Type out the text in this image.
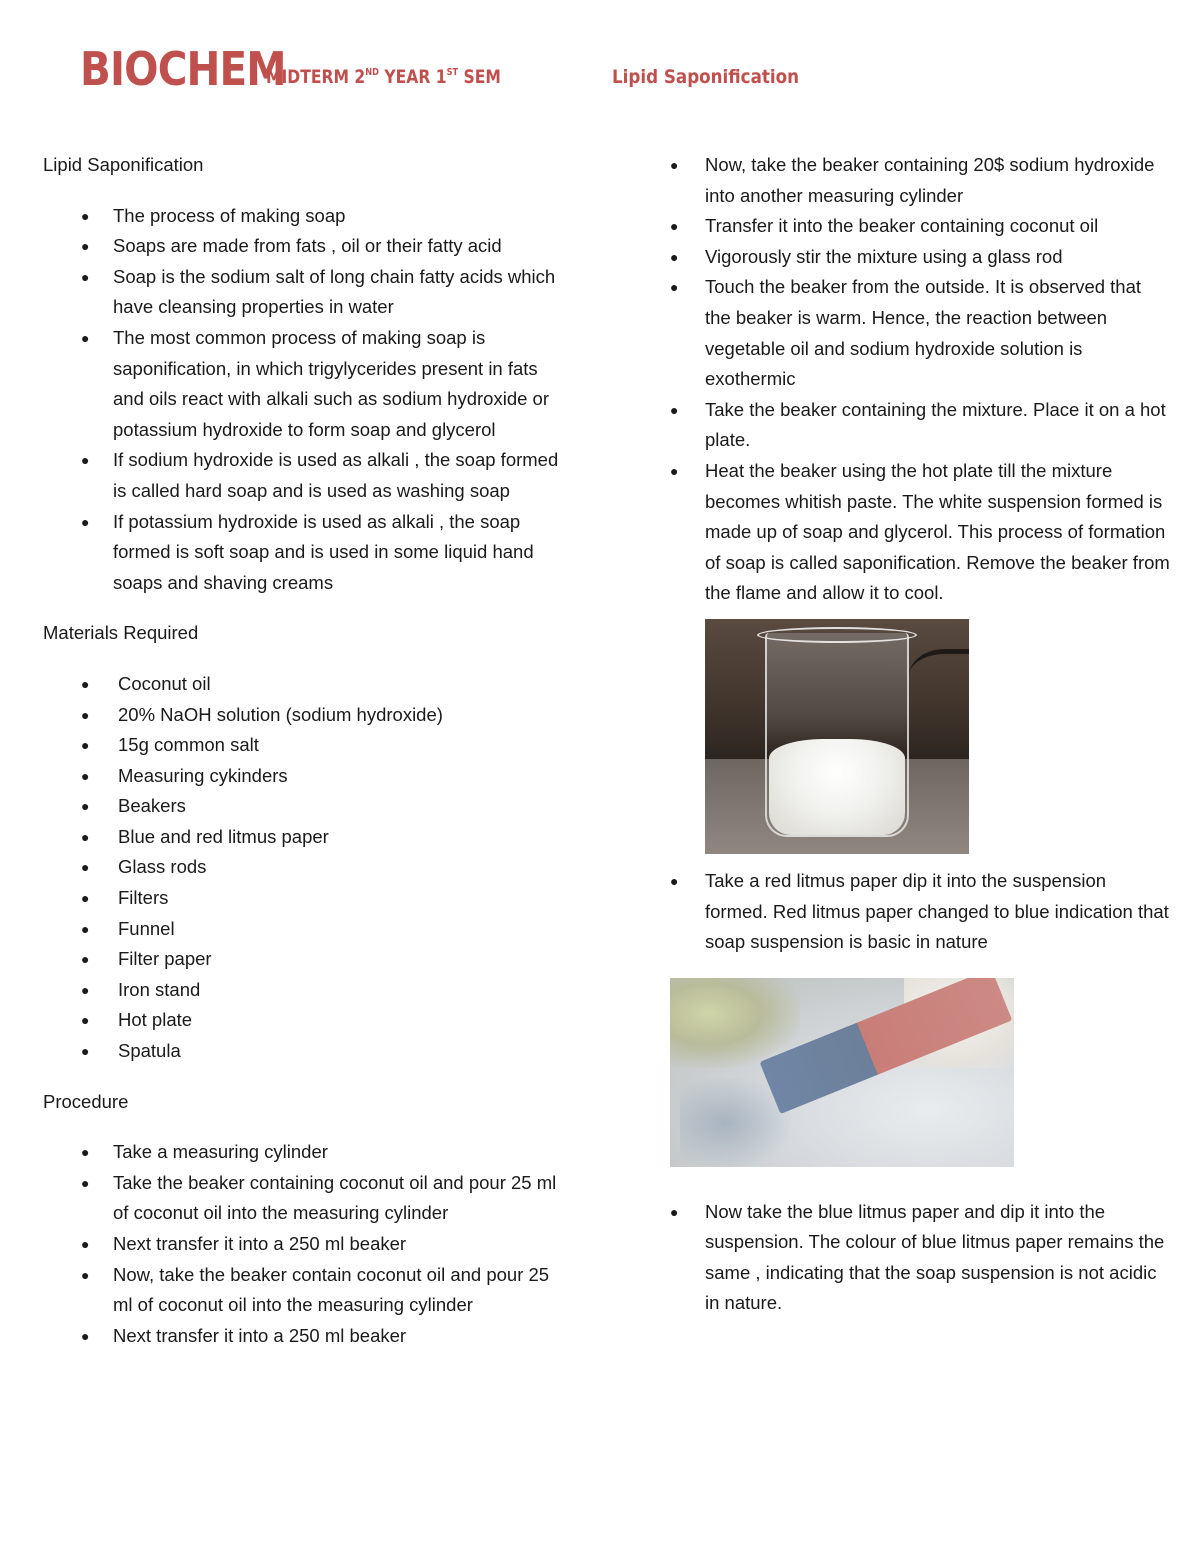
BIOCHEM
MIDTERM 2ND YEAR 1ST SEM	Lipid Saponification
Lipid Saponification
● The process of making soap
● Soaps are made from fats , oil or their fatty acid
● Soap is the sodium salt of long chain fatty acids which have cleansing properties in water
● The most common process of making soap is saponification, in which trigylycerides present in fats and oils react with alkali such as sodium hydroxide or potassium hydroxide to form soap and glycerol
● If sodium hydroxide is used as alkali , the soap formed is called hard soap and is used as washing soap
● If potassium hydroxide is used as alkali , the soap formed is soft soap and is used in some liquid hand soaps and shaving creams
Materials Required
● Coconut oil
● 20% NaOH solution (sodium hydroxide)
● 15g common salt
● Measuring cykinders
● Beakers
● Blue and red litmus paper
● Glass rods
● Filters
● Funnel
● Filter paper
● Iron stand
● Hot plate
● Spatula
Procedure
● Take a measuring cylinder
● Take the beaker containing coconut oil and pour 25 ml of coconut oil into the measuring cylinder
● Next transfer it into a 250 ml beaker
● Now, take the beaker contain coconut oil and pour 25 ml of coconut oil into the measuring cylinder
● Next transfer it into a 250 ml beaker
● Now, take the beaker containing 20$ sodium hydroxide into another measuring cylinder
● Transfer it into the beaker containing coconut oil
● Vigorously stir the mixture using a glass rod
● Touch the beaker from the outside. It is observed that the beaker is warm. Hence, the reaction between vegetable oil and sodium hydroxide solution is exothermic
● Take the beaker containing the mixture. Place it on a hot plate.
● Heat the beaker using the hot plate till the mixture becomes whitish paste. The white suspension formed is made up of soap and glycerol. This process of formation of soap is called saponification. Remove the beaker from the flame and allow it to cool.
● Take a red litmus paper dip it into the suspension formed. Red litmus paper changed to blue indication that soap suspension is basic in nature
● Now take the blue litmus paper and dip it into the suspension. The colour of blue litmus paper remains the same , indicating that the soap suspension is not acidic in nature.
